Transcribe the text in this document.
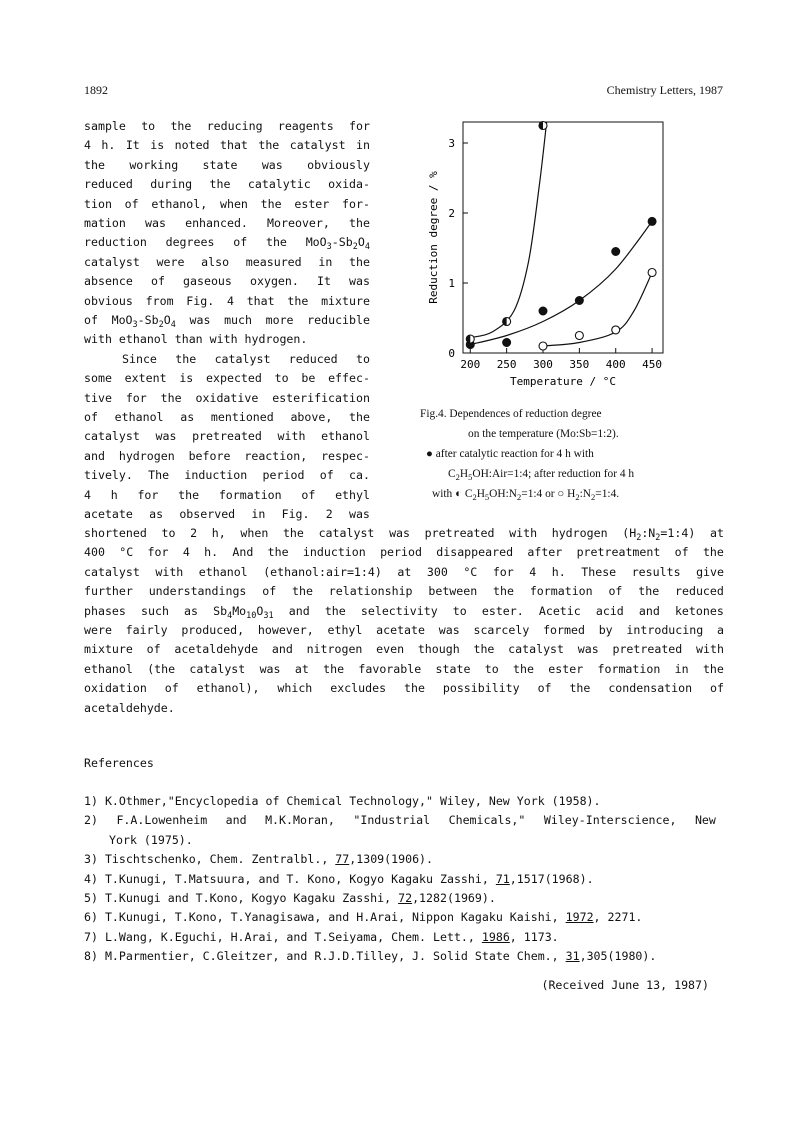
1892	Chemistry Letters, 1987
sample to the reducing reagents for
4 h. It is noted that the catalyst in
the working state was obviously
reduced during the catalytic oxida-
tion of ethanol, when the ester for-
mation was enhanced. Moreover, the
reduction degrees of the $MoO_3-Sb_2O_4$
catalyst were also measured in the
absence of gaseous oxygen. It was
obvious from Fig. 4 that the mixture
of $MoO_3-Sb_2O_4$ was much more reducible
with ethanol than with hydrogen.
Since the catalyst reduced to
some extent is expected to be effec-
tive for the oxidative esterification
of ethanol as mentioned above, the
catalyst was pretreated with ethanol
and hydrogen before reaction, respec-
tively. The induction period of ca.
4 h for the formation of ethyl
acetate as observed in Fig. 2 was
shortened to 2 h, when the catalyst was pretreated with hydrogen $(H_2:N_2=1:4)$ at
400 °C for 4 h. And the induction period disappeared after pretreatment of the
catalyst with ethanol (ethanol:air=1:4) at 300 °C for 4 h. These results give
further understandings of the relationship between the formation of the reduced
phases such as $Sb_4Mo_{10}O_{31}$ and the selectivity to ester. Acetic acid and ketones
were fairly produced, however, ethyl acetate was scarcely formed by introducing a
mixture of acetaldehyde and nitrogen even though the catalyst was pretreated with
ethanol (the catalyst was at the favorable state to the ester formation in the
oxidation of ethanol), which excludes the possibility of the condensation of
acetaldehyde.
200 250 300 350 400 450
0
1
2
3
Temperature / °C
Reduction degree / %
Fig.4. Dependences of reduction degree
on the temperature (Mo:Sb=1:2).
● after catalytic reaction for 4 h with
$C_2H_5OH:Air=1:4$; after reduction for 4 h
with ◐ $C_2H_5OH:N_2=1:4$ or ○ $H_2:N_2=1:4$.
References
1) K.Othmer,"Encyclopedia of Chemical Technology," Wiley, New York (1958).
2) F.A.Lowenheim and M.K.Moran, "Industrial Chemicals," Wiley-Interscience, New
York (1975).
3) Tischtschenko, Chem. Zentralbl., 77,1309(1906).
4) T.Kunugi, T.Matsuura, and T. Kono, Kogyo Kagaku Zasshi, 71,1517(1968).
5) T.Kunugi and T.Kono, Kogyo Kagaku Zasshi, 72,1282(1969).
6) T.Kunugi, T.Kono, T.Yanagisawa, and H.Arai, Nippon Kagaku Kaishi, 1972, 2271.
7) L.Wang, K.Eguchi, H.Arai, and T.Seiyama, Chem. Lett., 1986, 1173.
8) M.Parmentier, C.Gleitzer, and R.J.D.Tilley, J. Solid State Chem., 31,305(1980).
(Received June 13, 1987)
